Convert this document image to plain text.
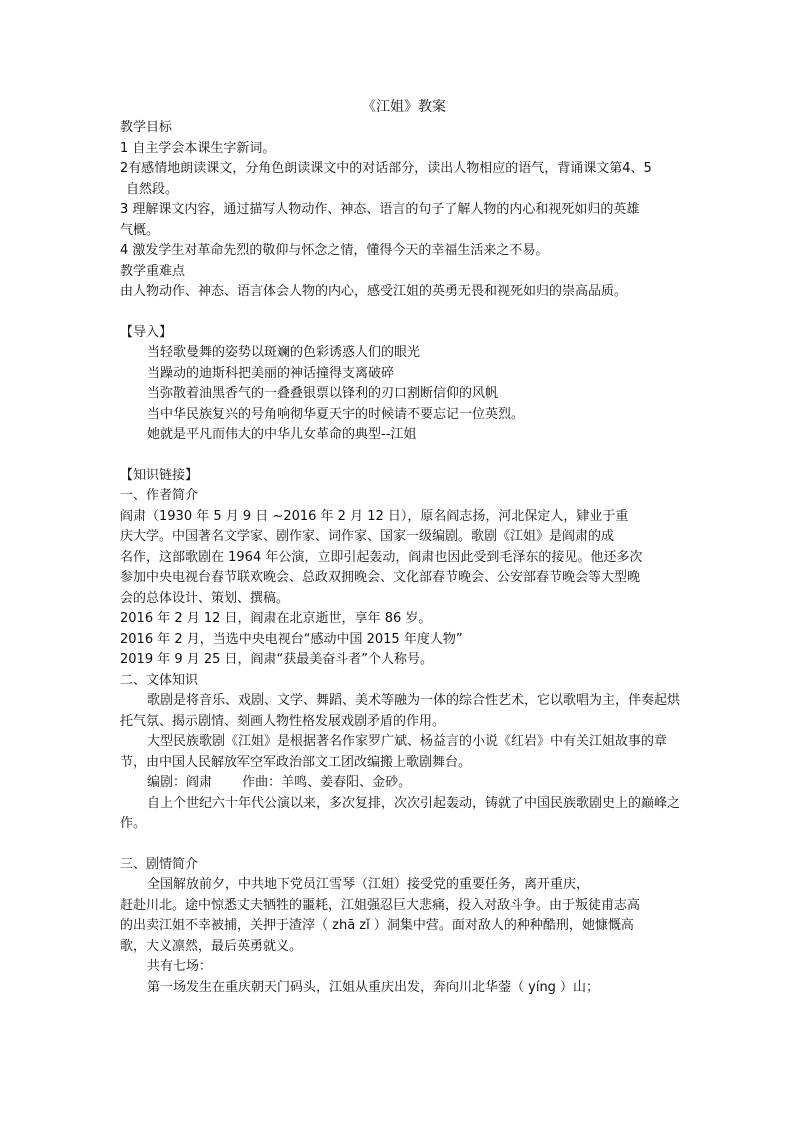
《江姐》教案

教学目标

1 自主学会本课生字新词。

2有感情地朗读课文，分角色朗读课文中的对话部分，读出人物相应的语气，背诵课文第4、5

自然段。

3 理解课文内容，通过描写人物动作、神态、语言的句子了解人物的内心和视死如归的英雄

气概。

4 激发学生对革命先烈的敬仰与怀念之情，懂得今天的幸福生活来之不易。

教学重难点

由人物动作、神态、语言体会人物的内心，感受江姐的英勇无畏和视死如归的崇高品质。

【导入】

当轻歌曼舞的姿势以斑斓的色彩诱惑人们的眼光

当躁动的迪斯科把美丽的神话撞得支离破碎

当弥散着油黑香气的一叠叠银票以锋利的刃口割断信仰的风帆

当中华民族复兴的号角响彻华夏天宇的时候请不要忘记一位英烈。

她就是平凡而伟大的中华儿女革命的典型--江姐

【知识链接】

一、作者简介

阎肃（1930 年 5 月 9 日 ~2016 年 2 月 12 日），原名阎志扬，河北保定人，肄业于重

庆大学。中国著名文学家、剧作家、词作家、国家一级编剧。歌剧《江姐》是阎肃的成

名作，这部歌剧在 1964 年公演，立即引起轰动，阎肃也因此受到毛泽东的接见。他还多次

参加中央电视台春节联欢晚会、总政双拥晚会、文化部春节晚会、公安部春节晚会等大型晚

会的总体设计、策划、撰稿。

2016 年 2 月 12 日，阎肃在北京逝世，享年 86 岁。

2016 年 2 月，当选中央电视台“感动中国 2015 年度人物”

2019 年 9 月 25 日，阎肃“获最美奋斗者”个人称号。

二、文体知识

歌剧是将音乐、戏剧、文学、舞蹈、美术等融为一体的综合性艺术，它以歌唱为主，伴奏起烘托气氛、揭示剧情、刻画人物性格发展戏剧矛盾的作用。

大型民族歌剧《江姐》是根据著名作家罗广斌、杨益言的小说《红岩》中有关江姐故事的章节，由中国人民解放军空军政治部文工团改编搬上歌剧舞台。

编剧：阎肃　　 作曲：羊鸣、姜春阳、金砂。

自上个世纪六十年代公演以来，多次复排，次次引起轰动，铸就了中国民族歌剧史上的巅峰之作。

三、剧情简介

全国解放前夕，中共地下党员江雪琴（江姐）接受党的重要任务，离开重庆，

赶赴川北。途中惊悉丈夫牺牲的噩耗，江姐强忍巨大悲痛，投入对敌斗争。由于叛徒甫志高

的出卖江姐不幸被捕，关押于渣滓（ zhā zǐ ）洞集中营。面对敌人的种种酷刑，她慷慨高

歌，大义凛然，最后英勇就义。

共有七场：

第一场发生在重庆朝天门码头，江姐从重庆出发，奔向川北华蓥（ yíng ）山；
